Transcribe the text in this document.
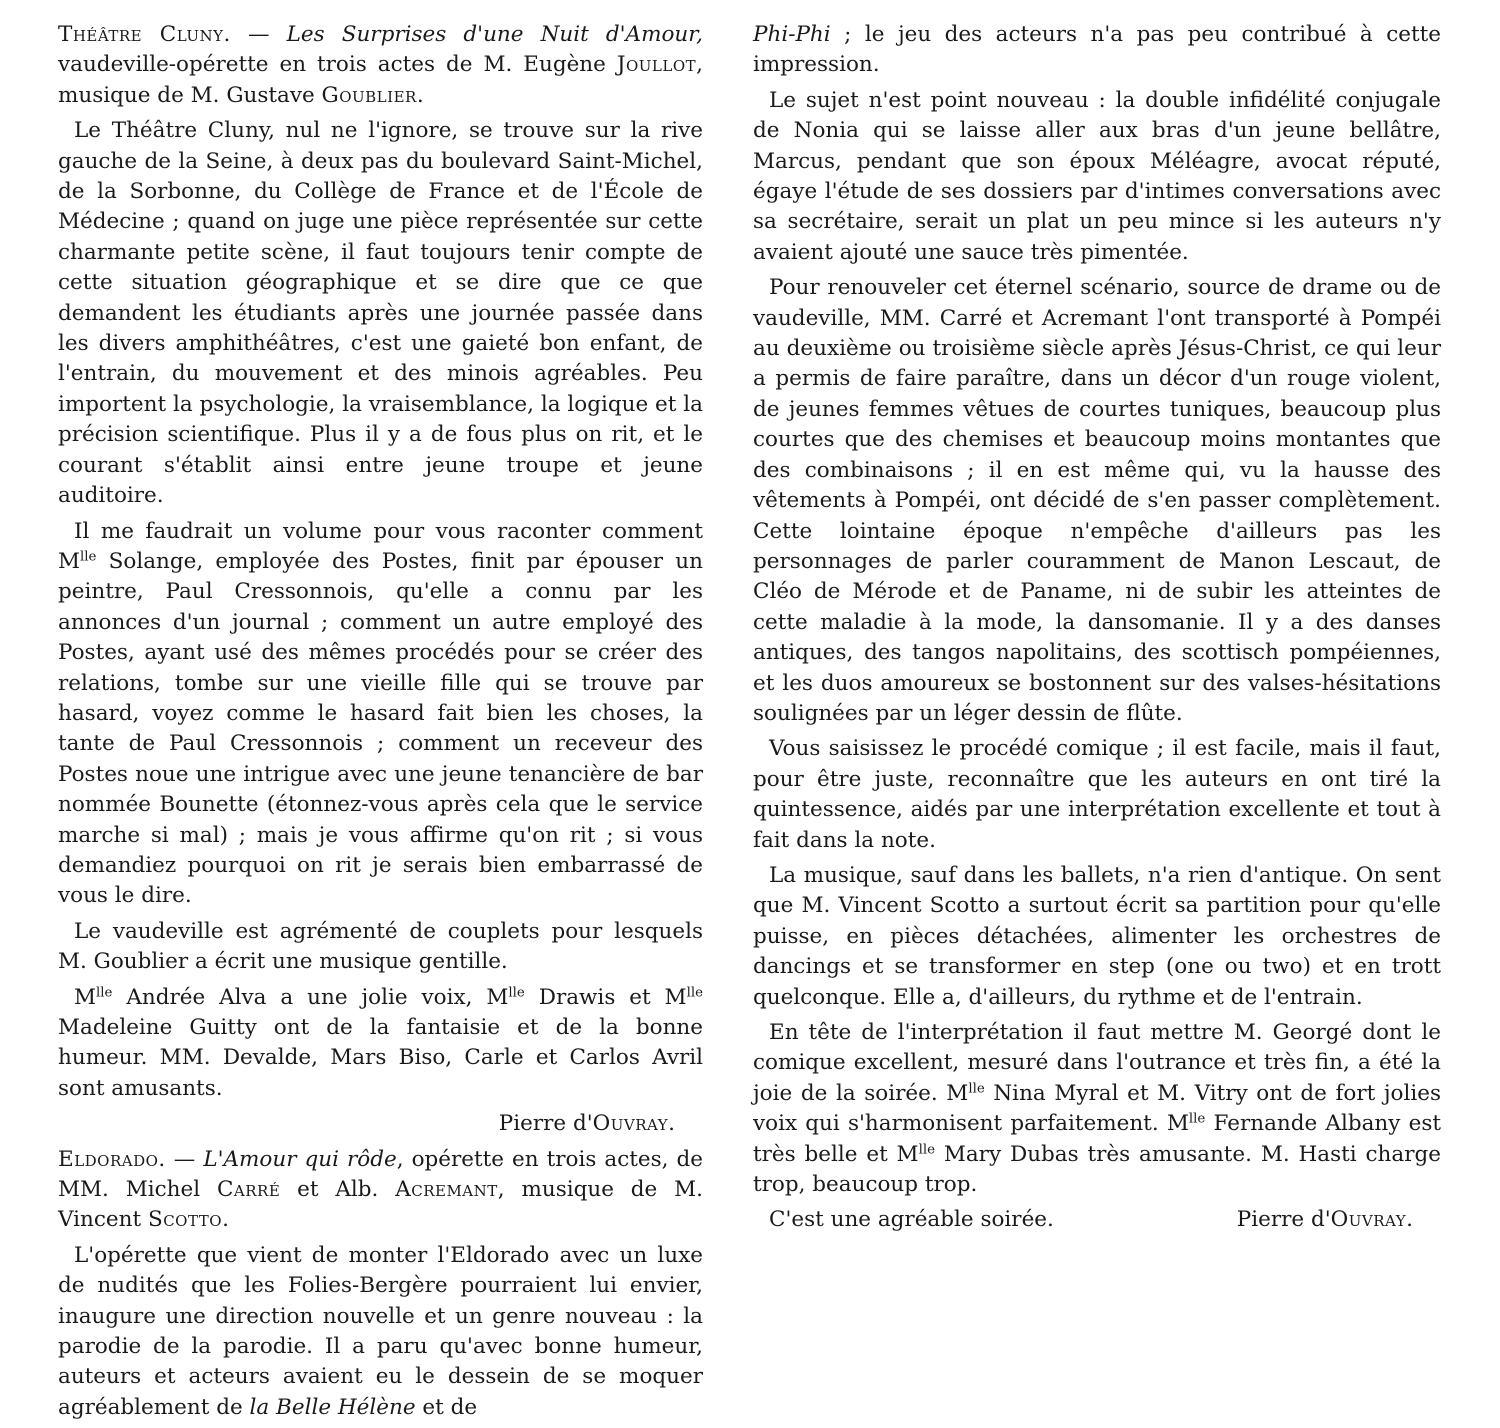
Théâtre Cluny. — Les Surprises d'une Nuit d'Amour, vaudeville-opérette en trois actes de M. Eugène Joullot, musique de M. Gustave Goublier.

Le Théâtre Cluny, nul ne l'ignore, se trouve sur la rive gauche de la Seine, à deux pas du boulevard Saint-Michel, de la Sorbonne, du Collège de France et de l'École de Médecine ; quand on juge une pièce représentée sur cette charmante petite scène, il faut toujours tenir compte de cette situation géographique et se dire que ce que demandent les étudiants après une journée passée dans les divers amphithéâtres, c'est une gaieté bon enfant, de l'entrain, du mouvement et des minois agréables. Peu importent la psychologie, la vraisemblance, la logique et la précision scientifique. Plus il y a de fous plus on rit, et le courant s'établit ainsi entre jeune troupe et jeune auditoire.

Il me faudrait un volume pour vous raconter comment $M^{lle}$ Solange, employée des Postes, finit par épouser un peintre, Paul Cressonnois, qu'elle a connu par les annonces d'un journal ; comment un autre employé des Postes, ayant usé des mêmes procédés pour se créer des relations, tombe sur une vieille fille qui se trouve par hasard, voyez comme le hasard fait bien les choses, la tante de Paul Cressonnois ; comment un receveur des Postes noue une intrigue avec une jeune tenancière de bar nommée Bounette (étonnez-vous après cela que le service marche si mal) ; mais je vous affirme qu'on rit ; si vous demandiez pourquoi on rit je serais bien embarrassé de vous le dire.

Le vaudeville est agrémenté de couplets pour lesquels M. Goublier a écrit une musique gentille.

$M^{lle}$ Andrée Alva a une jolie voix, $M^{lle}$ Drawis et $M^{lle}$ Madeleine Guitty ont de la fantaisie et de la bonne humeur. MM. Devalde, Mars Biso, Carle et Carlos Avril sont amusants.

Pierre d'Ouvray.

Eldorado. — L'Amour qui rôde, opérette en trois actes, de MM. Michel Carré et Alb. Acremant, musique de M. Vincent Scotto.

L'opérette que vient de monter l'Eldorado avec un luxe de nudités que les Folies-Bergère pourraient lui envier, inaugure une direction nouvelle et un genre nouveau : la parodie de la parodie. Il a paru qu'avec bonne humeur, auteurs et acteurs avaient eu le dessein de se moquer agréablement de la Belle Hélène et de

Phi-Phi ; le jeu des acteurs n'a pas peu contribué à cette impression.

Le sujet n'est point nouveau : la double infidélité conjugale de Nonia qui se laisse aller aux bras d'un jeune bellâtre, Marcus, pendant que son époux Méléagre, avocat réputé, égaye l'étude de ses dossiers par d'intimes conversations avec sa secrétaire, serait un plat un peu mince si les auteurs n'y avaient ajouté une sauce très pimentée.

Pour renouveler cet éternel scénario, source de drame ou de vaudeville, MM. Carré et Acremant l'ont transporté à Pompéi au deuxième ou troisième siècle après Jésus-Christ, ce qui leur a permis de faire paraître, dans un décor d'un rouge violent, de jeunes femmes vêtues de courtes tuniques, beaucoup plus courtes que des chemises et beaucoup moins montantes que des combinaisons ; il en est même qui, vu la hausse des vêtements à Pompéi, ont décidé de s'en passer complètement. Cette lointaine époque n'empêche d'ailleurs pas les personnages de parler couramment de Manon Lescaut, de Cléo de Mérode et de Paname, ni de subir les atteintes de cette maladie à la mode, la dansomanie. Il y a des danses antiques, des tangos napolitains, des scottisch pompéiennes, et les duos amoureux se bostonnent sur des valses-hésitations soulignées par un léger dessin de flûte.

Vous saisissez le procédé comique ; il est facile, mais il faut, pour être juste, reconnaître que les auteurs en ont tiré la quintessence, aidés par une interprétation excellente et tout à fait dans la note.

La musique, sauf dans les ballets, n'a rien d'antique. On sent que M. Vincent Scotto a surtout écrit sa partition pour qu'elle puisse, en pièces détachées, alimenter les orchestres de dancings et se transformer en step (one ou two) et en trott quelconque. Elle a, d'ailleurs, du rythme et de l'entrain.

En tête de l'interprétation il faut mettre M. Georgé dont le comique excellent, mesuré dans l'outrance et très fin, a été la joie de la soirée. $M^{lle}$ Nina Myral et M. Vitry ont de fort jolies voix qui s'harmonisent parfaitement. $M^{lle}$ Fernande Albany est très belle et $M^{lle}$ Mary Dubas très amusante. M. Hasti charge trop, beaucoup trop.

C'est une agréable soirée.	Pierre d'Ouvray.
